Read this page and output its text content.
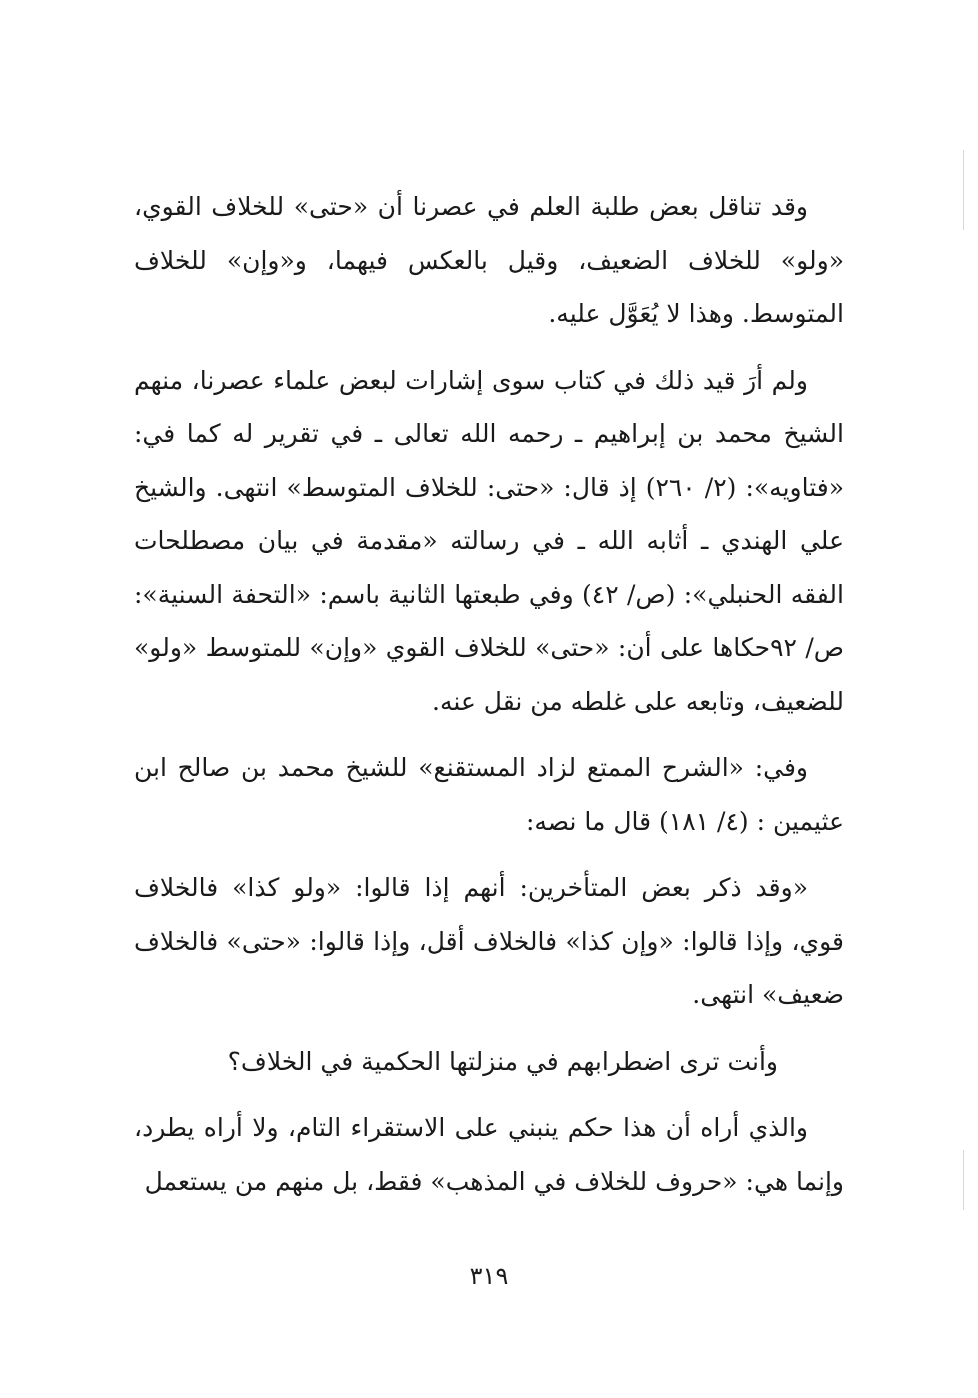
وقد تناقل بعض طلبة العلم في عصرنا أن «حتى» للخلاف القوي، «ولو» للخلاف الضعيف، وقيل بالعكس فيهما، و«وإن» للخلاف المتوسط. وهذا لا يُعَوَّل عليه.

ولم أرَ قيد ذلك في كتاب سوى إشارات لبعض علماء عصرنا، منهم الشيخ محمد بن إبراهيم ـ رحمه الله تعالى ـ في تقرير له كما في: «فتاويه»: (٢/ ٢٦٠) إذ قال: «حتى: للخلاف المتوسط» انتهى. والشيخ علي الهندي ـ أثابه الله ـ في رسالته «مقدمة في بيان مصطلحات الفقه الحنبلي»: (ص/ ٤٢) وفي طبعتها الثانية باسم: «التحفة السنية»: ص/ ٩٢حكاها على أن: «حتى» للخلاف القوي «وإن» للمتوسط «ولو» للضعيف، وتابعه على غلطه من نقل عنه.

وفي: «الشرح الممتع لزاد المستقنع» للشيخ محمد بن صالح ابن عثيمين : (٤/ ١٨١) قال ما نصه:

«وقد ذكر بعض المتأخرين: أنهم إذا قالوا: «ولو كذا» فالخلاف قوي، وإذا قالوا: «وإن كذا» فالخلاف أقل، وإذا قالوا: «حتى» فالخلاف ضعيف» انتهى.

وأنت ترى اضطرابهم في منزلتها الحكمية في الخلاف؟

والذي أراه أن هذا حكم ينبني على الاستقراء التام، ولا أراه يطرد، وإنما هي: «حروف للخلاف في المذهب» فقط، بل منهم من يستعمل

٣١٩
